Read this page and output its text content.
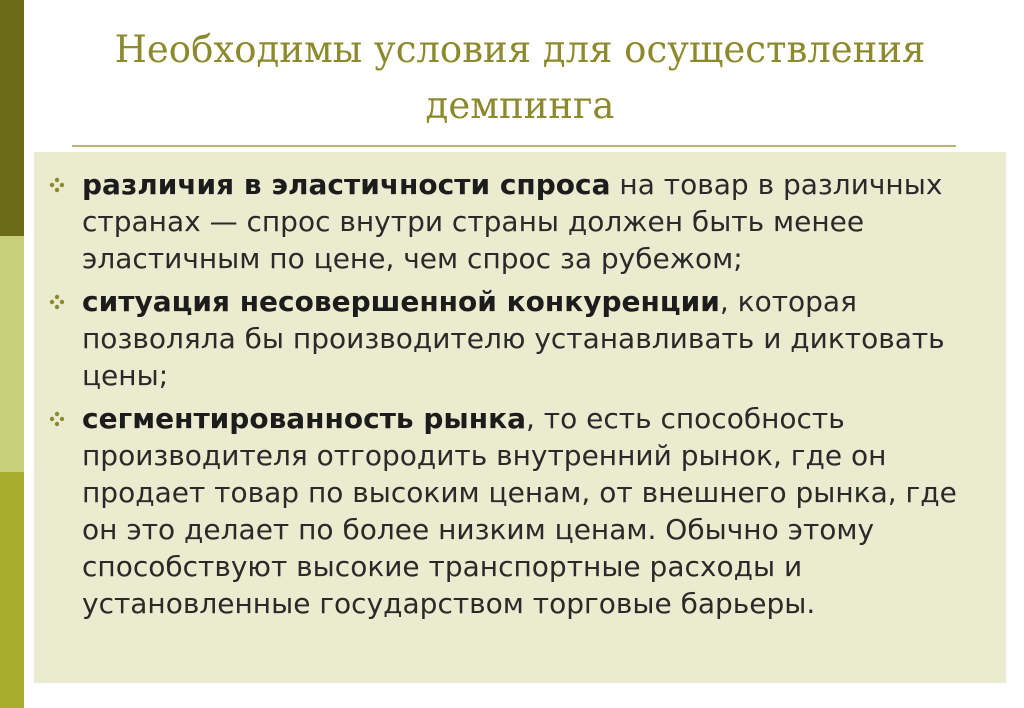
Необходимы условия для осуществления демпинга
различия в эластичности спроса на товар в различных странах — спрос внутри страны должен быть менее эластичным по цене, чем спрос за рубежом;
ситуация несовершенной конкуренции, которая позволяла бы производителю устанавливать и диктовать цены;
сегментированность рынка, то есть способность производителя отгородить внутренний рынок, где он продает товар по высоким ценам, от внешнего рынка, где он это делает по более низким ценам. Обычно этому способствуют высокие транспортные расходы и установленные государством торговые барьеры.
